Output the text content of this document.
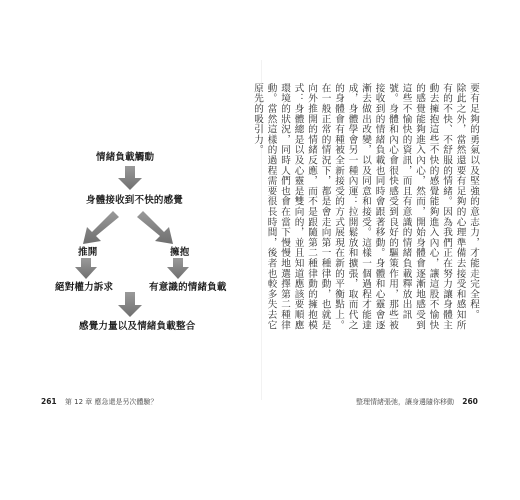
情緒負載觸動
身體接收到不快的感覺
推開	擁抱
絕對權力訴求	有意識的情緒負載
感覺力量以及情緒負載整合
261 第 12 章 應急還是另次體驗？	整理情緒張弛，讓身邊隨你移動 260

要有足夠的勇氣以及堅強的意志力，才能走完全程。

除此之外，當然還要有足夠的心理準備去接受和感知所有的不快、不舒服的情緒。因為我們正在努力讓身體主動去擁抱這些不快的感覺能夠進入內心，讓這股不愉快的感覺能夠進入內心，然而，開始身體會逐漸地感受到這些不愉快的資訊，而且有意識的情緒負載釋放出訊號。身體和內心會很快感受到良好的驅策作用，那些被接收到的情緒負載也同時會跟著移動。身體和心靈會逐漸去做出改變，以及同意和接受。這樣一個過程才能達成，身體學會另一種內運：拉開鬆放和擴張，取而代之的身體會有種被全新接受的方式展現在新的平衡點上。

在一般正常的情況下，都是會走向第一種律動，也就是向外推開的情緒反應，而不是跟隨第二種律動的擁抱模式：身體總是以及心靈是雙向的，並且知道應該要順應環境的狀況，同時人們也會在當下慢慢地選擇第二種律動。當然這樣的過程需要很長時間，後者也較多失去它原先的吸引力。
